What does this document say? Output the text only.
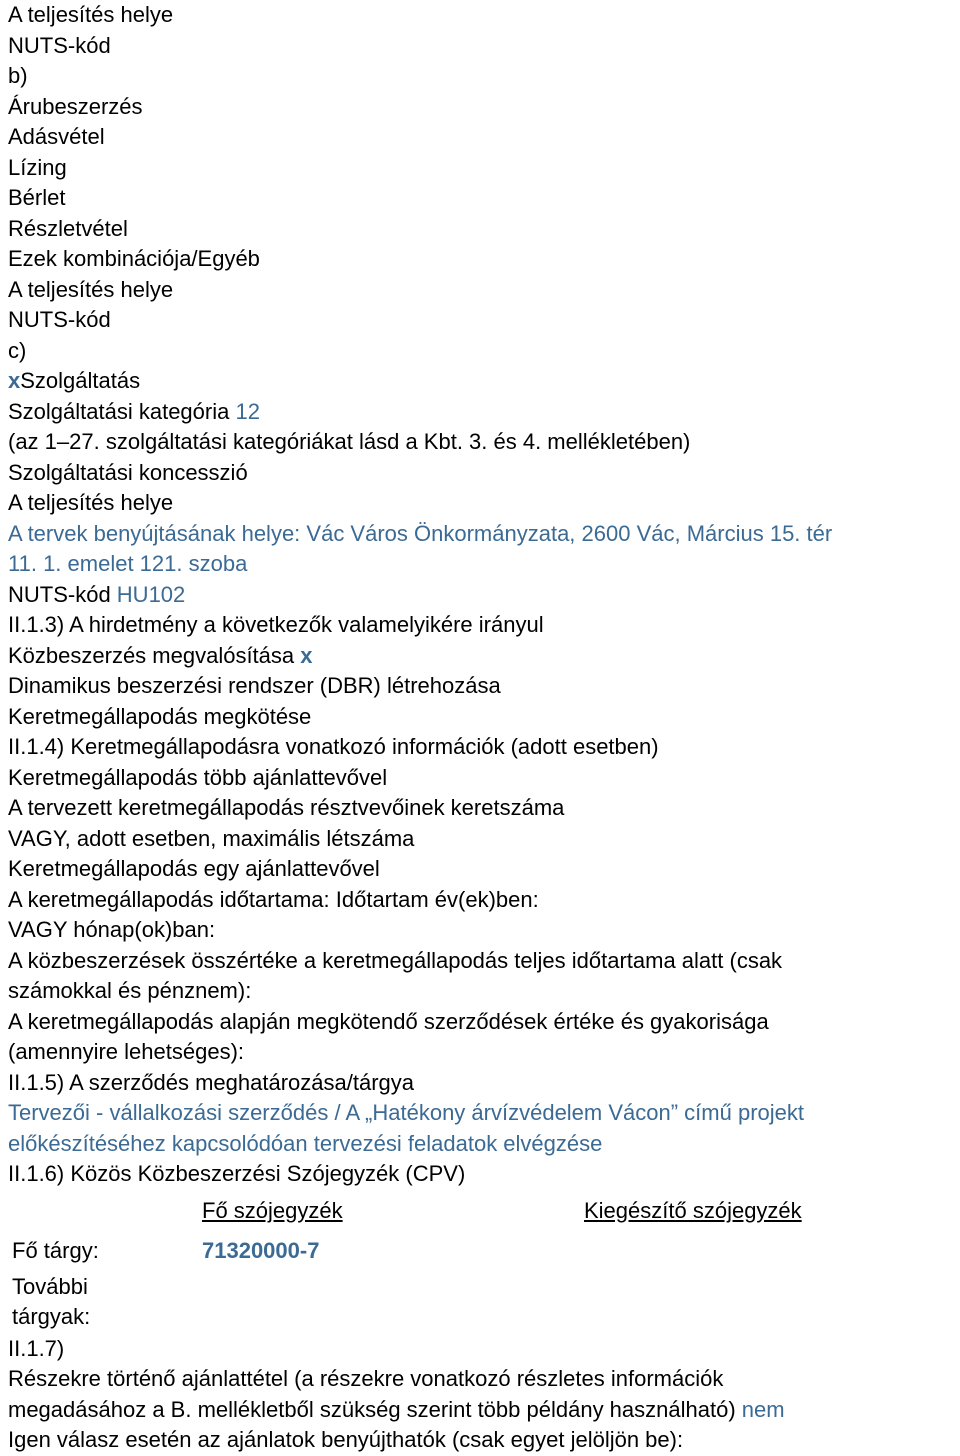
A teljesítés helye
NUTS-kód
b)
Árubeszerzés
Adásvétel
Lízing
Bérlet
Részletvétel
Ezek kombinációja/Egyéb
A teljesítés helye
NUTS-kód
c)
xSzolgáltatás
Szolgáltatási kategória 12
(az 1–27. szolgáltatási kategóriákat lásd a Kbt. 3. és 4. mellékletében)
Szolgáltatási koncesszió
A teljesítés helye
A tervek benyújtásának helye: Vác Város Önkormányzata, 2600 Vác, Március 15. tér
11. 1. emelet 121. szoba
NUTS-kód HU102
II.1.3) A hirdetmény a következők valamelyikére irányul
Közbeszerzés megvalósítása x
Dinamikus beszerzési rendszer (DBR) létrehozása
Keretmegállapodás megkötése
II.1.4) Keretmegállapodásra vonatkozó információk (adott esetben)
Keretmegállapodás több ajánlattevővel
A tervezett keretmegállapodás résztvevőinek keretszáma
VAGY, adott esetben, maximális létszáma
Keretmegállapodás egy ajánlattevővel
A keretmegállapodás időtartama: Időtartam év(ek)ben:
VAGY hónap(ok)ban:
A közbeszerzések összértéke a keretmegállapodás teljes időtartama alatt (csak
számokkal és pénznem):
A keretmegállapodás alapján megkötendő szerződések értéke és gyakorisága
(amennyire lehetséges):
II.1.5) A szerződés meghatározása/tárgya
Tervezői - vállalkozási szerződés / A „Hatékony árvízvédelem Vácon” című projekt
előkészítéséhez kapcsolódóan tervezési feladatok elvégzése
II.1.6) Közös Közbeszerzési Szójegyzék (CPV)
Fő szójegyzék	Kiegészítő szójegyzék
Fő tárgy:	71320000-7
További
tárgyak:
II.1.7)
Részekre történő ajánlattétel (a részekre vonatkozó részletes információk
megadásához a B. mellékletből szükség szerint több példány használható) nem
Igen válasz esetén az ajánlatok benyújthatók (csak egyet jelöljön be):
